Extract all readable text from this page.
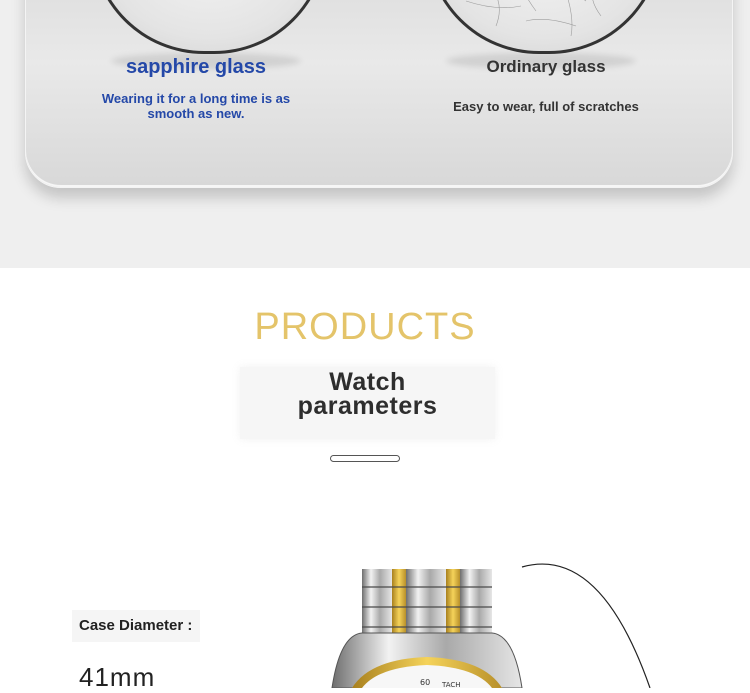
sapphire glass
Wearing it for a long time is as smooth as new.
Ordinary glass
Easy to wear, full of scratches
PRODUCTS
Watch
parameters
Case Diameter :
41mm	60 TACH
